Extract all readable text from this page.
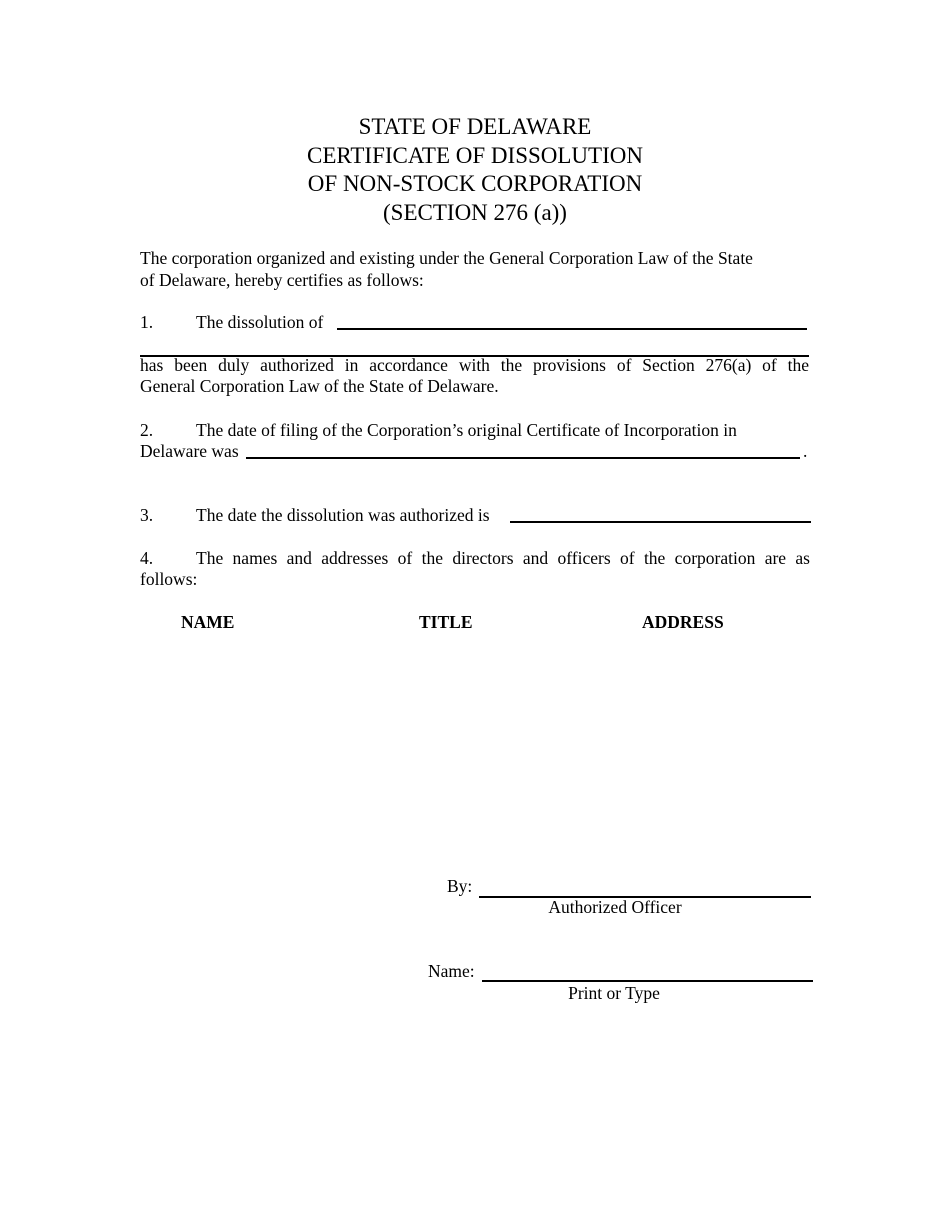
STATE OF DELAWARE
CERTIFICATE OF DISSOLUTION
OF NON-STOCK CORPORATION
(SECTION 276 (a))
The corporation organized and existing under the General Corporation Law of the State
of Delaware, hereby certifies as follows:
1. The dissolution of
has been duly authorized in accordance with the provisions of Section 276(a) of the
General Corporation Law of the State of Delaware.
2. The date of filing of the Corporation’s original Certificate of Incorporation in
Delaware was	.
3. The date the dissolution was authorized is
4. The names and addresses of the directors and officers of the corporation are as
follows:
NAME	TITLE	ADDRESS
By:
Authorized Officer
Name:
Print or Type
